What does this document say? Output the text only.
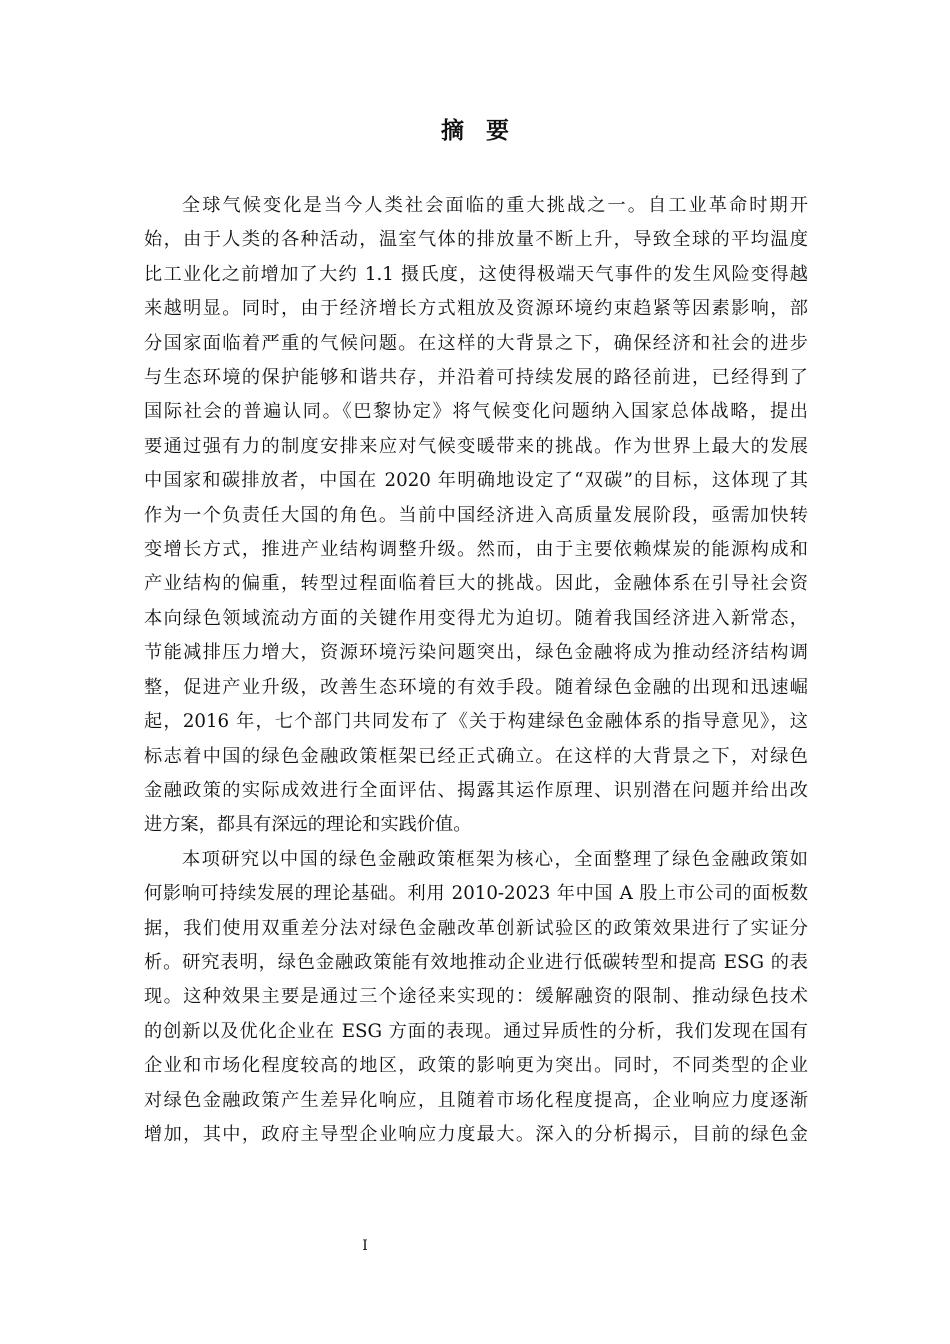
摘要
全球气候变化是当今人类社会面临的重大挑战之一。自工业革命时期开
始，由于人类的各种活动，温室气体的排放量不断上升，导致全球的平均温度
比工业化之前增加了大约 1.1 摄氏度，这使得极端天气事件的发生风险变得越
来越明显。同时，由于经济增长方式粗放及资源环境约束趋紧等因素影响，部
分国家面临着严重的气候问题。在这样的大背景之下，确保经济和社会的进步
与生态环境的保护能够和谐共存，并沿着可持续发展的路径前进，已经得到了
国际社会的普遍认同。《巴黎协定》将气候变化问题纳入国家总体战略，提出
要通过强有力的制度安排来应对气候变暖带来的挑战。作为世界上最大的发展
中国家和碳排放者，中国在 2020 年明确地设定了“双碳”的目标，这体现了其
作为一个负责任大国的角色。当前中国经济进入高质量发展阶段，亟需加快转
变增长方式，推进产业结构调整升级。然而，由于主要依赖煤炭的能源构成和
产业结构的偏重，转型过程面临着巨大的挑战。因此，金融体系在引导社会资
本向绿色领域流动方面的关键作用变得尤为迫切。随着我国经济进入新常态，
节能减排压力增大，资源环境污染问题突出，绿色金融将成为推动经济结构调
整，促进产业升级，改善生态环境的有效手段。随着绿色金融的出现和迅速崛
起，2016 年，七个部门共同发布了《关于构建绿色金融体系的指导意见》，这
标志着中国的绿色金融政策框架已经正式确立。在这样的大背景之下，对绿色
金融政策的实际成效进行全面评估、揭露其运作原理、识别潜在问题并给出改
进方案，都具有深远的理论和实践价值。
本项研究以中国的绿色金融政策框架为核心，全面整理了绿色金融政策如
何影响可持续发展的理论基础。利用 2010-2023 年中国 A 股上市公司的面板数
据，我们使用双重差分法对绿色金融改革创新试验区的政策效果进行了实证分
析。研究表明，绿色金融政策能有效地推动企业进行低碳转型和提高 ESG 的表
现。这种效果主要是通过三个途径来实现的：缓解融资的限制、推动绿色技术
的创新以及优化企业在 ESG 方面的表现。通过异质性的分析，我们发现在国有
企业和市场化程度较高的地区，政策的影响更为突出。同时，不同类型的企业
对绿色金融政策产生差异化响应，且随着市场化程度提高，企业响应力度逐渐
增加，其中，政府主导型企业响应力度最大。深入的分析揭示，目前的绿色金
I
